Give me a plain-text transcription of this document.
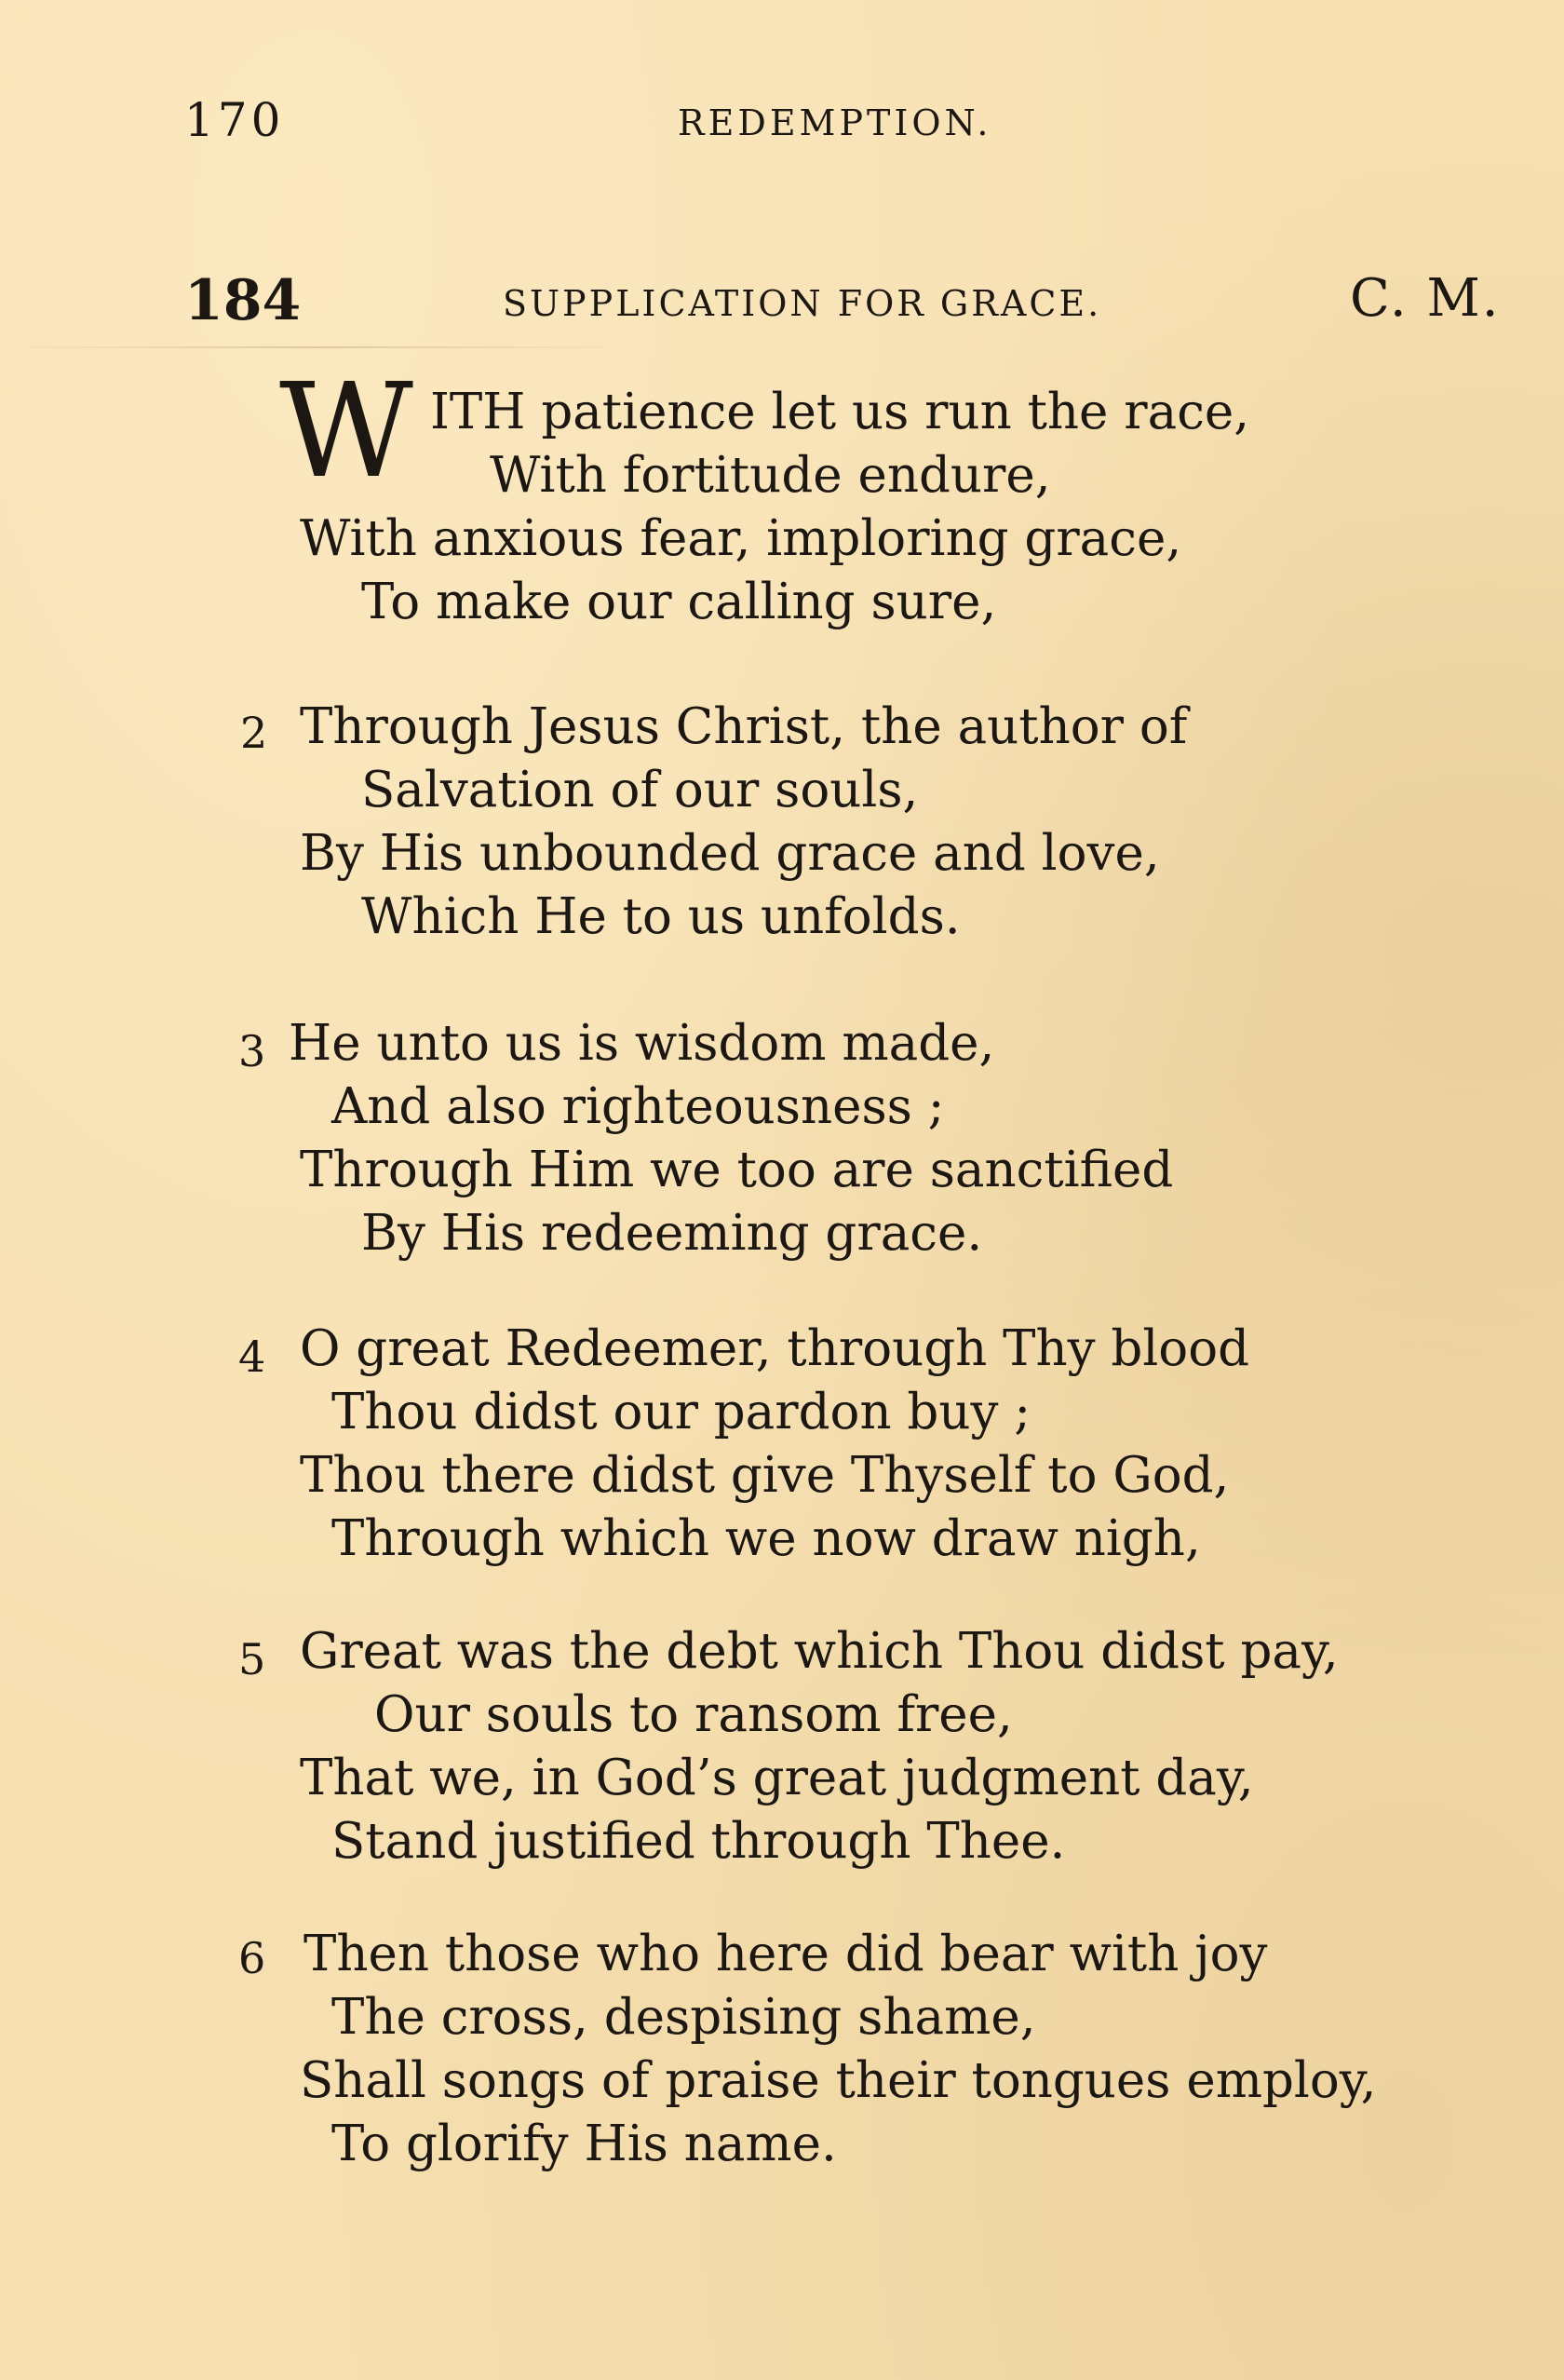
170	REDEMPTION.
184	SUPPLICATION FOR GRACE.	C. M.
W ITH patience let us run the race,
With fortitude endure,
With anxious fear, imploring grace,
To make our calling sure,
2 Through Jesus Christ, the author of
Salvation of our souls,
By His unbounded grace and love,
Which He to us unfolds.
3 He unto us is wisdom made,
And also righteousness ;
Through Him we too are sanctified
By His redeeming grace.
4 O great Redeemer, through Thy blood
Thou didst our pardon buy ;
Thou there didst give Thyself to God,
Through which we now draw nigh,
5 Great was the debt which Thou didst pay,
Our souls to ransom free,
That we, in God’s great judgment day,
Stand justified through Thee.
6 Then those who here did bear with joy
The cross, despising shame,
Shall songs of praise their tongues employ,
To glorify His name.
